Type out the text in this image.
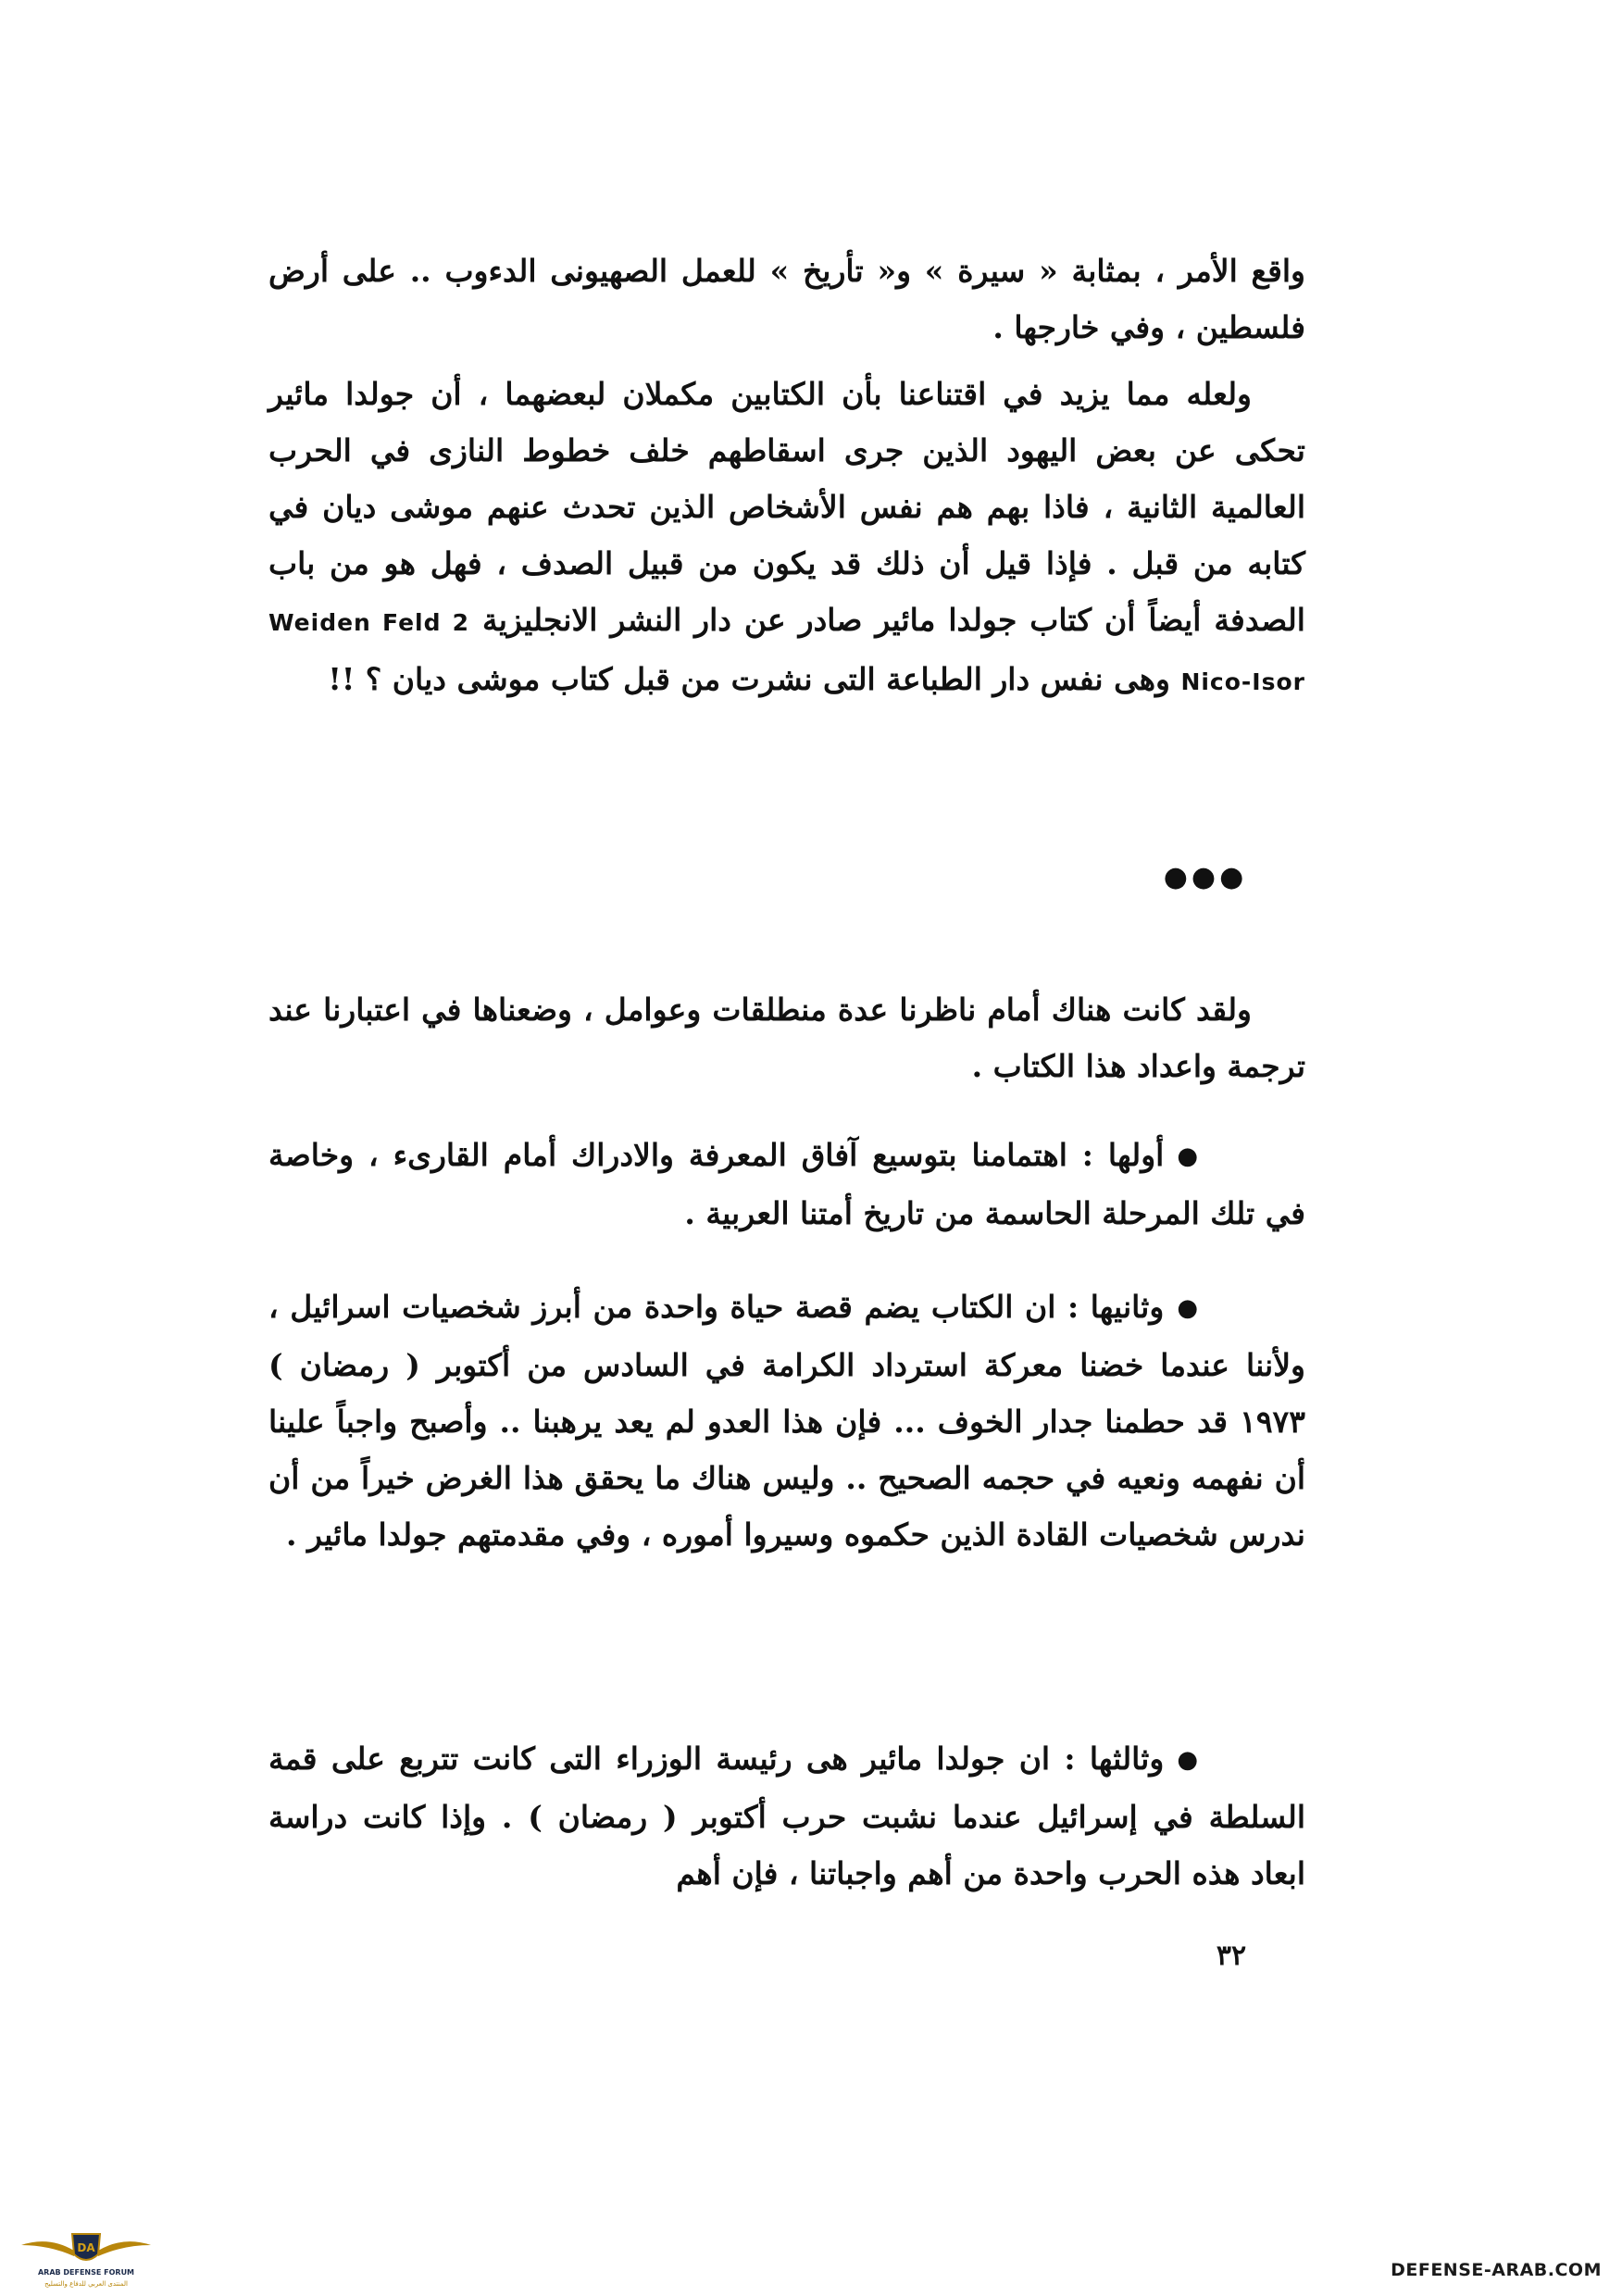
واقع الأمر ، بمثابة « سيرة » و« تأريخ » للعمل الصهيونى الدءوب .. على أرض فلسطين ، وفي خارجها .

ولعله مما يزيد في اقتناعنا بأن الكتابين مكملان لبعضهما ، أن جولدا مائير تحكى عن بعض اليهود الذين جرى اسقاطهم خلف خطوط النازى في الحرب العالمية الثانية ، فاذا بهم هم نفس الأشخاص الذين تحدث عنهم موشى ديان في كتابه من قبل . فإذا قيل أن ذلك قد يكون من قبيل الصدف ، فهل هو من باب الصدفة أيضاً أن كتاب جولدا مائير صادر عن دار النشر الانجليزية Weiden Feld 2 Nico-Isor وهى نفس دار الطباعة التى نشرت من قبل كتاب موشى ديان ؟ !!

●●●

ولقد كانت هناك أمام ناظرنا عدة منطلقات وعوامل ، وضعناها في اعتبارنا عند ترجمة واعداد هذا الكتاب .

●أولها : اهتمامنا بتوسيع آفاق المعرفة والادراك أمام القارىء ، وخاصة في تلك المرحلة الحاسمة من تاريخ أمتنا العربية .

●وثانيها : ان الكتاب يضم قصة حياة واحدة من أبرز شخصيات اسرائيل ، ولأننا عندما خضنا معركة استرداد الكرامة في السادس من أكتوبر ( رمضان ) ١٩٧٣ قد حطمنا جدار الخوف ... فإن هذا العدو لم يعد يرهبنا .. وأصبح واجباً علينا أن نفهمه ونعيه في حجمه الصحيح .. وليس هناك ما يحقق هذا الغرض خيراً من أن ندرس شخصيات القادة الذين حكموه وسيروا أموره ، وفي مقدمتهم جولدا مائير .

●وثالثها : ان جولدا مائير هى رئيسة الوزراء التى كانت تتربع على قمة السلطة في إسرائيل عندما نشبت حرب أكتوبر ( رمضان ) . وإذا كانت دراسة ابعاد هذه الحرب واحدة من أهم واجباتنا ، فإن أهم

٣٢
DA
ARAB DEFENSE FORUM
المنتدى العربي للدفاع والتسليح
DEFENSE-ARAB.COM
